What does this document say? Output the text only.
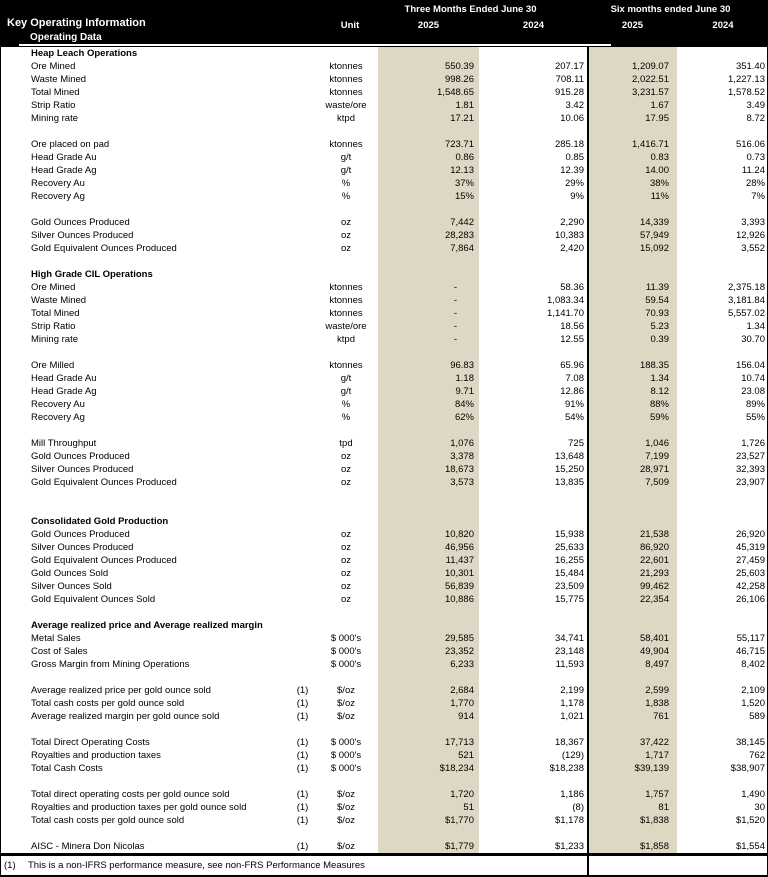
Three Months Ended June 30	Six months ended June 30
Key Operating Information	Unit	2025	2024	2025	2024
Operating Data
Heap Leach Operations
Ore Mined	ktonnes	550.39	207.17	1,209.07	351.40
Waste Mined	ktonnes	998.26	708.11	2,022.51	1,227.13
Total Mined	ktonnes	1,548.65	915.28	3,231.57	1,578.52
Strip Ratio	waste/ore	1.81	3.42	1.67	3.49
Mining rate	ktpd	17.21	10.06	17.95	8.72
Ore placed on pad	ktonnes	723.71	285.18	1,416.71	516.06
Head Grade Au	g/t	0.86	0.85	0.83	0.73
Head Grade Ag	g/t	12.13	12.39	14.00	11.24
Recovery Au	%	37%	29%	38%	28%
Recovery Ag	%	15%	9%	11%	7%
Gold Ounces Produced	oz	7,442	2,290	14,339	3,393
Silver Ounces Produced	oz	28,283	10,383	57,949	12,926
Gold Equivalent Ounces Produced	oz	7,864	2,420	15,092	3,552
High Grade CIL Operations
Ore Mined	ktonnes	-	58.36	11.39	2,375.18
Waste Mined	ktonnes	-	1,083.34	59.54	3,181.84
Total Mined	ktonnes	-	1,141.70	70.93	5,557.02
Strip Ratio	waste/ore	-	18.56	5.23	1.34
Mining rate	ktpd	-	12.55	0.39	30.70
Ore Milled	ktonnes	96.83	65.96	188.35	156.04
Head Grade Au	g/t	1.18	7.08	1.34	10.74
Head Grade Ag	g/t	9.71	12.86	8.12	23.08
Recovery Au	%	84%	91%	88%	89%
Recovery Ag	%	62%	54%	59%	55%
Mill Throughput	tpd	1,076	725	1,046	1,726
Gold Ounces Produced	oz	3,378	13,648	7,199	23,527
Silver Ounces Produced	oz	18,673	15,250	28,971	32,393
Gold Equivalent Ounces Produced	oz	3,573	13,835	7,509	23,907
Consolidated Gold Production
Gold Ounces Produced	oz	10,820	15,938	21,538	26,920
Silver Ounces Produced	oz	46,956	25,633	86,920	45,319
Gold Equivalent Ounces Produced	oz	11,437	16,255	22,601	27,459
Gold Ounces Sold	oz	10,301	15,484	21,293	25,603
Silver Ounces Sold	oz	56,839	23,509	99,462	42,258
Gold Equivalent Ounces Sold	oz	10,886	15,775	22,354	26,106
Average realized price and Average realized margin
Metal Sales	$ 000's	29,585	34,741	58,401	55,117
Cost of Sales	$ 000's	23,352	23,148	49,904	46,715
Gross Margin from Mining Operations	$ 000's	6,233	11,593	8,497	8,402
Average realized price per gold ounce sold	(1)	$/oz	2,684	2,199	2,599	2,109
Total cash costs per gold ounce sold	(1)	$/oz	1,770	1,178	1,838	1,520
Average realized margin per gold ounce sold	(1)	$/oz	914	1,021	761	589
Total Direct Operating Costs	(1)	$ 000's	17,713	18,367	37,422	38,145
Royalties and production taxes	(1)	$ 000's	521	(129)	1,717	762
Total Cash Costs	(1)	$ 000's	$18,234	$18,238	$39,139	$38,907
Total direct operating costs per gold ounce sold	(1)	$/oz	1,720	1,186	1,757	1,490
Royalties and production taxes per gold ounce sold	(1)	$/oz	51	(8)	81	30
Total cash costs per gold ounce sold	(1)	$/oz	$1,770	$1,178	$1,838	$1,520
AISC - Minera Don Nicolas	(1)	$/oz	$1,779	$1,233	$1,858	$1,554
(1)	This is a non-IFRS performance measure, see non-FRS Performance Measures
